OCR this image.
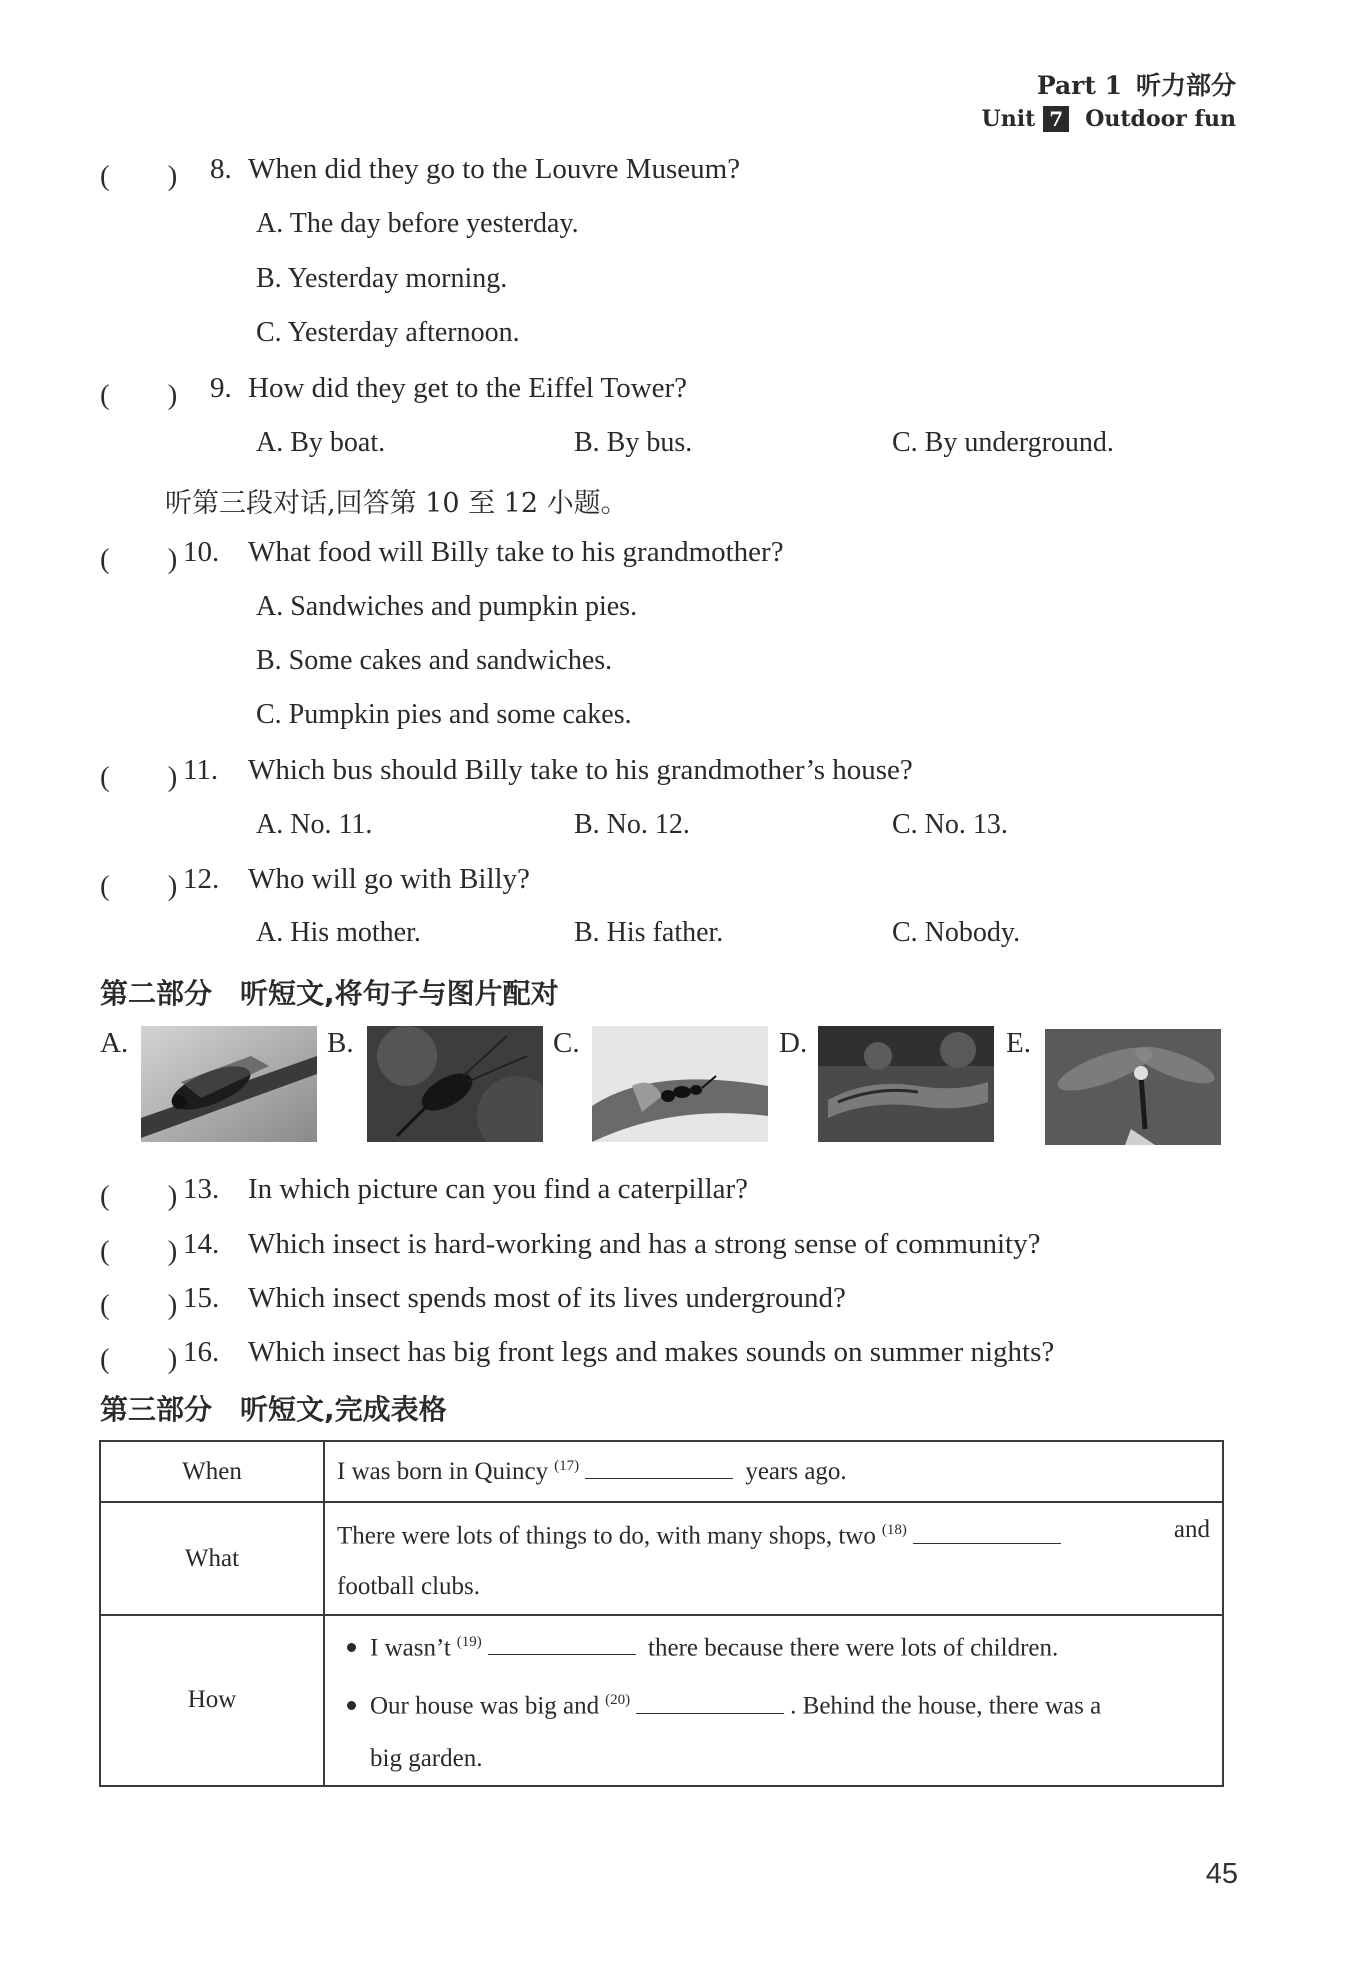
Part 1 听力部分
Unit 7 Outdoor fun
(　　)	8. When did they go to the Louvre Museum?
A. The day before yesterday.
B. Yesterday morning.
C. Yesterday afternoon.
(　　)	9. How did they get to the Eiffel Tower?
A. By boat.	B. By bus.	C. By underground.
听第三段对话,回答第 10 至 12 小题。
(　　) 10. What food will Billy take to his grandmother?
A. Sandwiches and pumpkin pies.
B. Some cakes and sandwiches.
C. Pumpkin pies and some cakes.
(　　) 11.	Which bus should Billy take to his grandmother’s house?
A. No. 11.	B. No. 12.	C. No. 13.
(　　) 12. Who will go with Billy?
A. His mother.	B. His father.	C. Nobody.
第二部分　听短文,将句子与图片配对
A.	B.	C.	D.	E.
(　　) 13. In which picture can you find a caterpillar?
(　　) 14. Which insect is hard-working and has a strong sense of community?
(　　) 15. Which insect spends most of its lives underground?
(　　) 16. Which insect has big front legs and makes sounds on summer nights?
第三部分　听短文,完成表格
When	I was born in Quincy $^{(17)}$ years ago.
What	There were lots of things to do, with many shops, two $^{(18)}$ and
football clubs.

How	I wasn’t $^{(19)}$ there because there were lots of children.
Our house was big and $^{(20)}$ . Behind the house, there was a
big garden.
45
